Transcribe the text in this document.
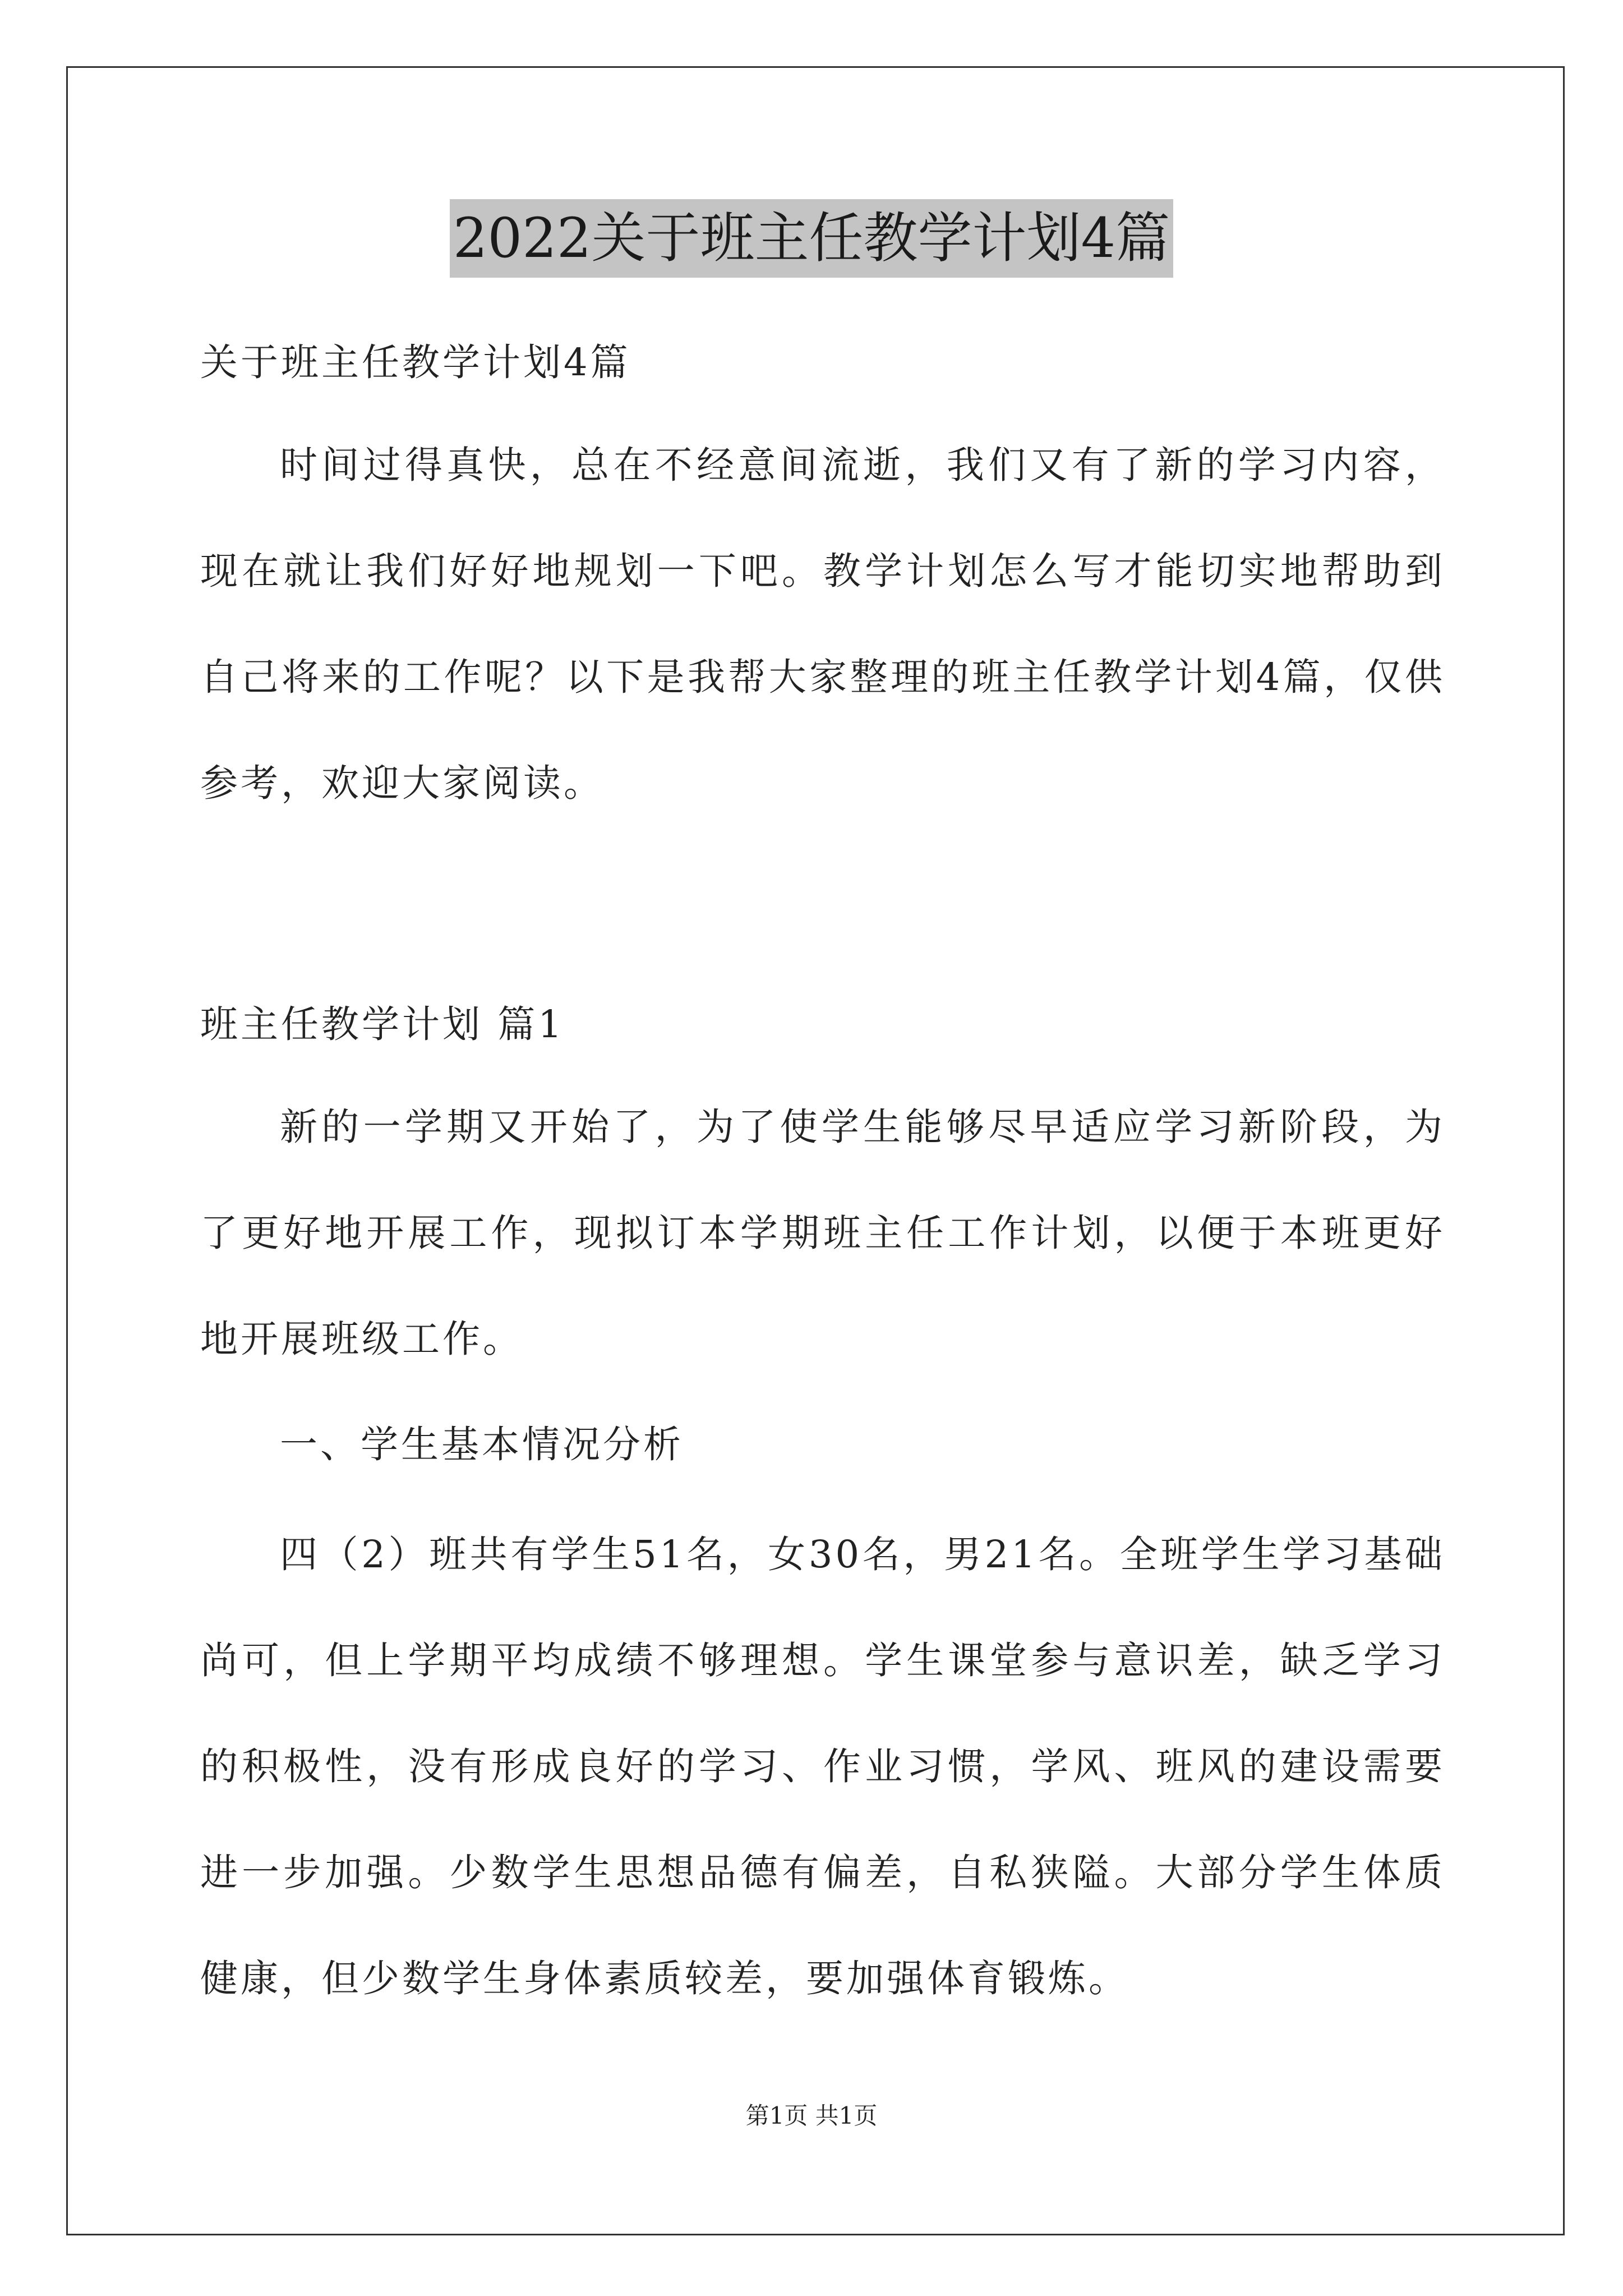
2022关于班主任教学计划4篇

关于班主任教学计划4篇

时间过得真快，总在不经意间流逝，我们又有了新的学习内容，现在就让我们好好地规划一下吧。教学计划怎么写才能切实地帮助到自己将来的工作呢？以下是我帮大家整理的班主任教学计划4篇，仅供参考，欢迎大家阅读。

班主任教学计划 篇1

新的一学期又开始了，为了使学生能够尽早适应学习新阶段，为了更好地开展工作，现拟订本学期班主任工作计划，以便于本班更好地开展班级工作。

一、学生基本情况分析

四（2）班共有学生51名，女30名，男21名。全班学生学习基础尚可，但上学期平均成绩不够理想。学生课堂参与意识差，缺乏学习的积极性，没有形成良好的学习、作业习惯，学风、班风的建设需要进一步加强。少数学生思想品德有偏差，自私狭隘。大部分学生体质健康，但少数学生身体素质较差，要加强体育锻炼。

第1页 共1页
